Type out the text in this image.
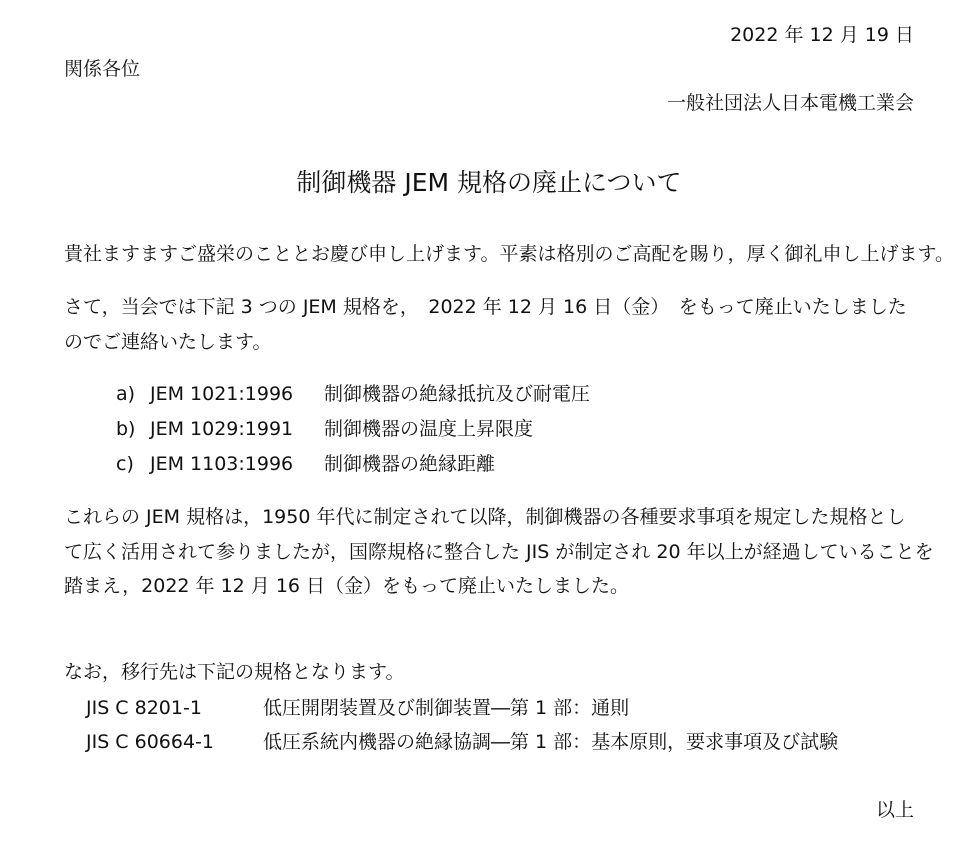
2022 年 12 月 19 日
関係各位
一般社団法人日本電機工業会
制御機器 JEM 規格の廃止について
貴社ますますご盛栄のこととお慶び申し上げます。平素は格別のご高配を賜り，厚く御礼申し上げます。
さて，当会では下記 3 つの JEM 規格を，　2022 年 12 月 16 日（金）　をもって廃止いたしました
のでご連絡いたします。
a) JEM 1021:1996 制御機器の絶縁抵抗及び耐電圧
b) JEM 1029:1991 制御機器の温度上昇限度
c) JEM 1103:1996 制御機器の絶縁距離
これらの JEM 規格は，1950 年代に制定されて以降，制御機器の各種要求事項を規定した規格とし
て広く活用されて参りましたが，国際規格に整合した JIS が制定され 20 年以上が経過していることを
踏まえ，2022 年 12 月 16 日（金）をもって廃止いたしました。
なお，移行先は下記の規格となります。
JIS C 8201-1	低圧開閉装置及び制御装置―第 1 部：通則
JIS C 60664-1	低圧系統内機器の絶縁協調―第 1 部：基本原則，要求事項及び試験
以上
